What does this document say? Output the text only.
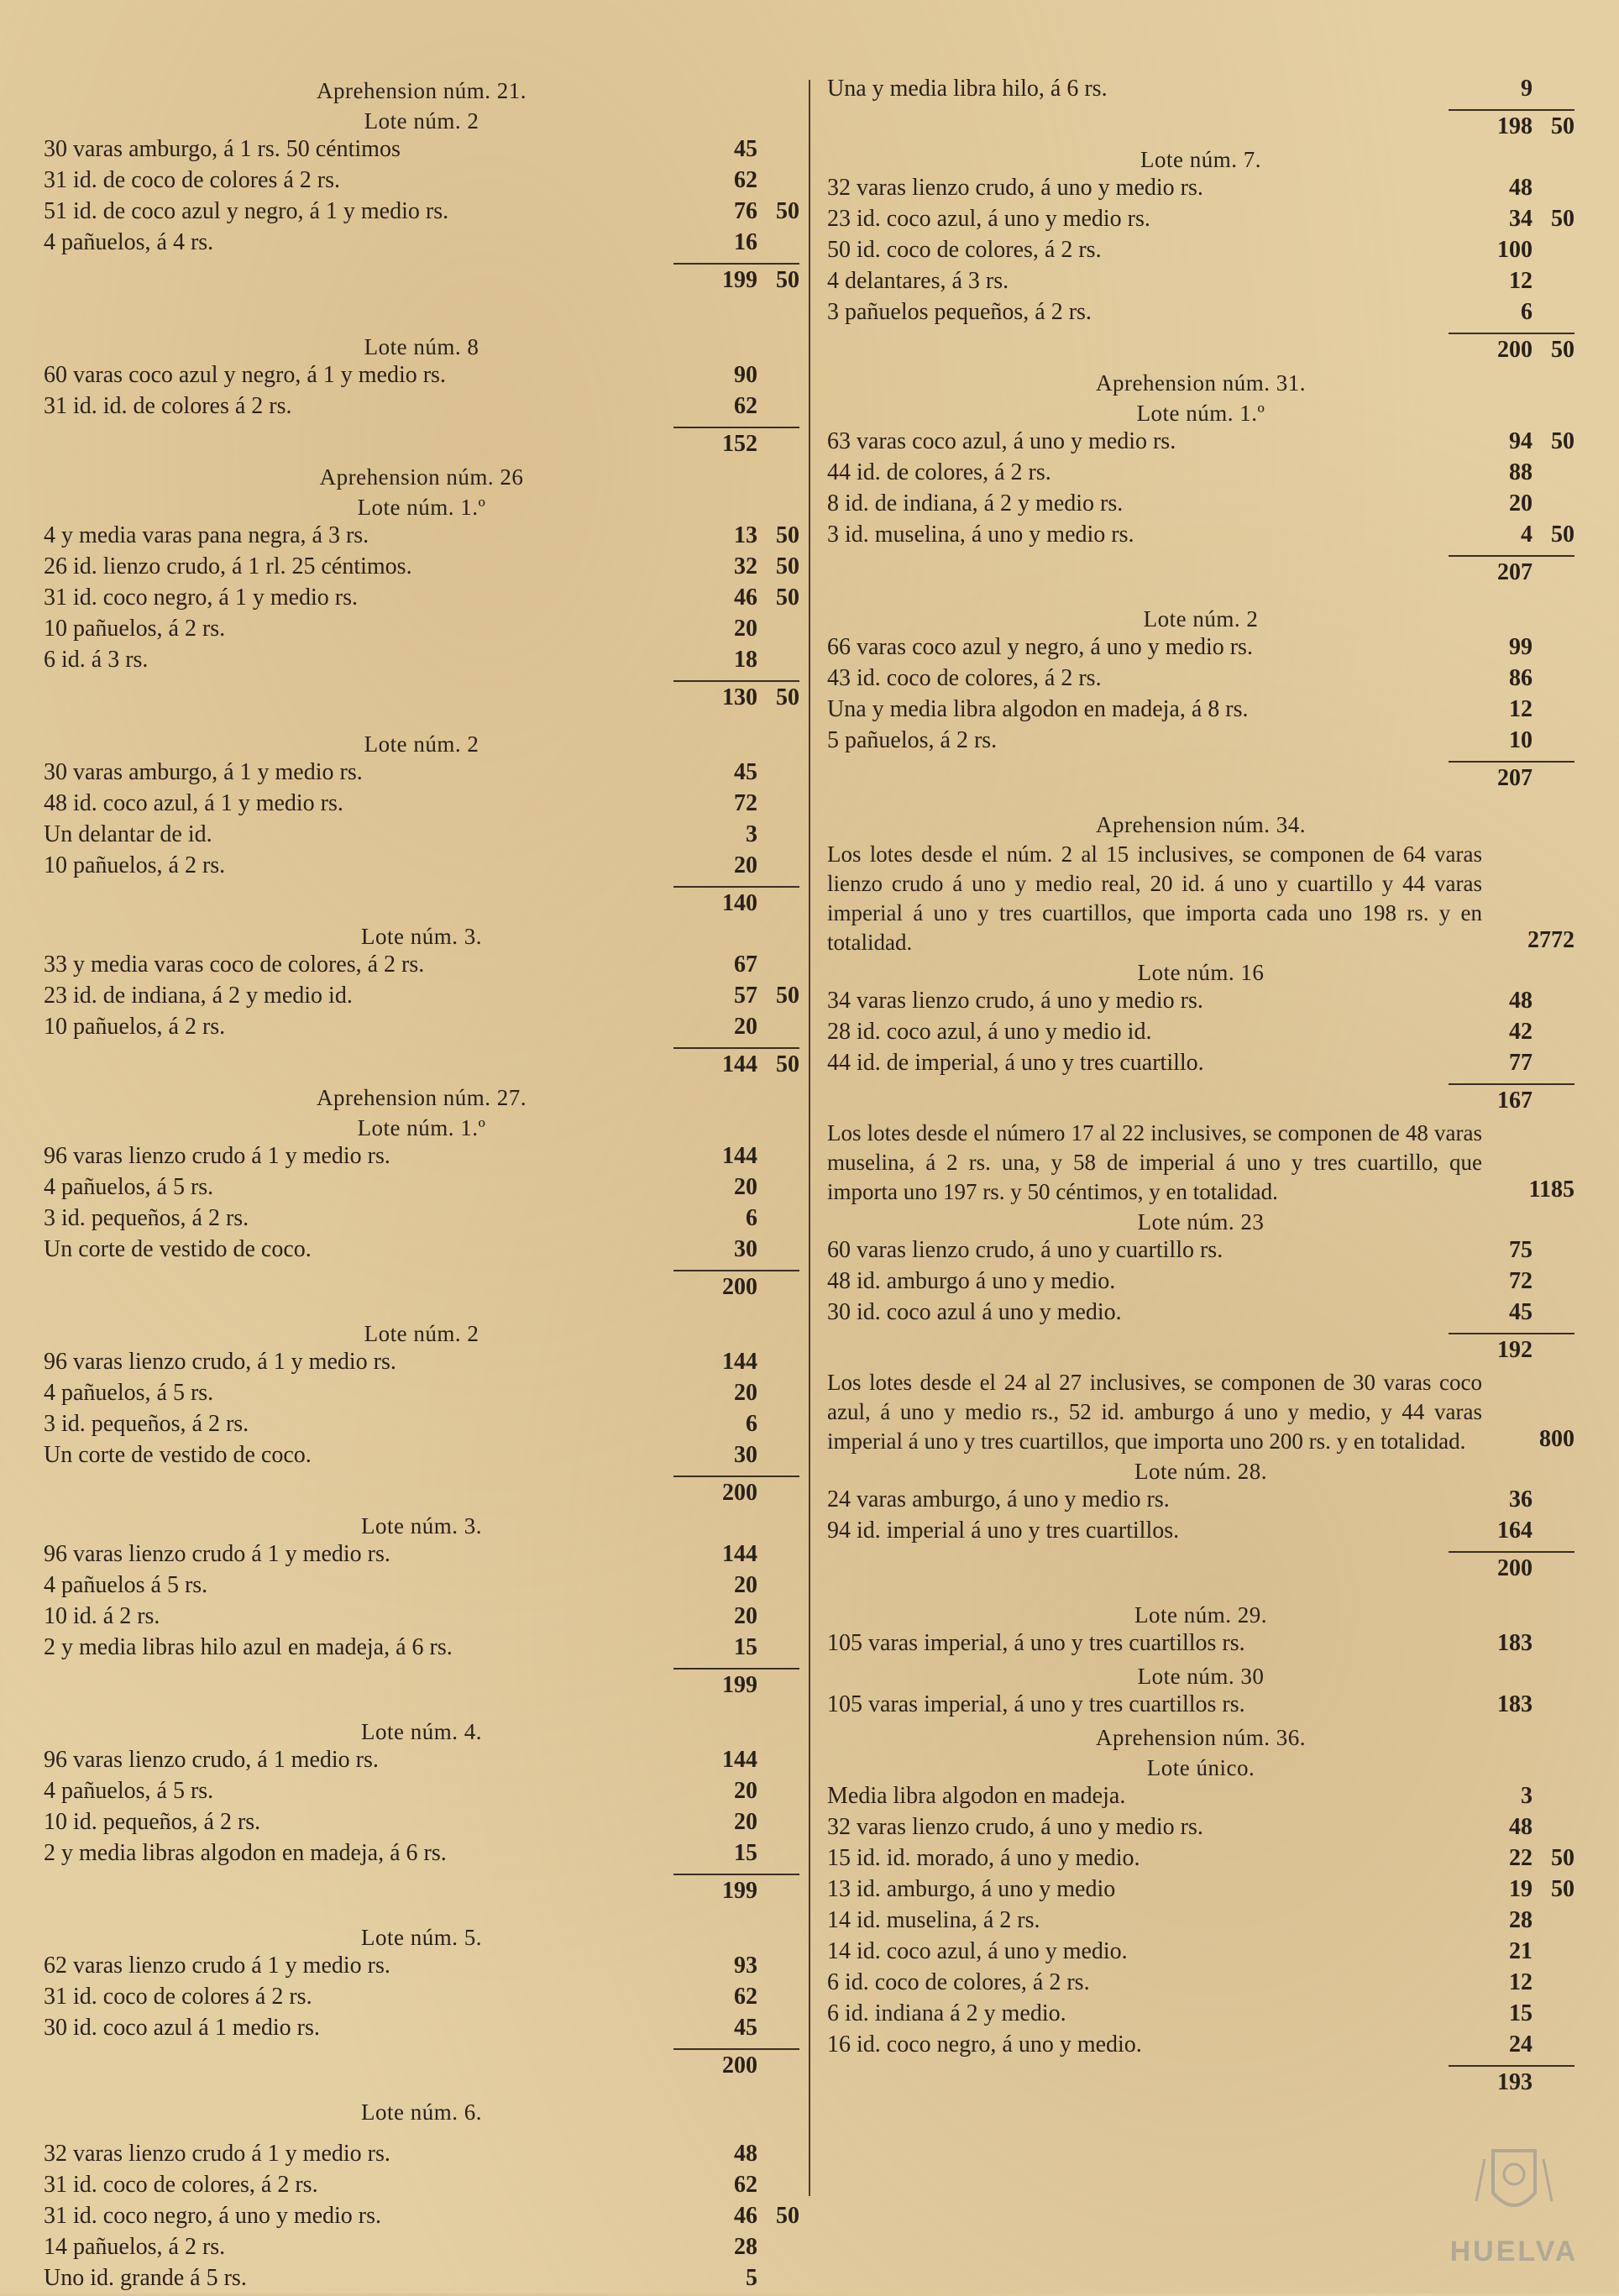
Aprehension núm. 21.
Lote núm. 2
30 varas amburgo, á 1 rs. 50 céntimos	45
31 id. de coco de colores á 2 rs.	62
51 id. de coco azul y negro, á 1 y medio rs.	76 50
4 pañuelos, á 4 rs.	16
199 50
Lote núm. 8
60 varas coco azul y negro, á 1 y medio rs.	90
31 id. id. de colores á 2 rs.	62
152
Aprehension núm. 26
Lote núm. 1.º
4 y media varas pana negra, á 3 rs.	13 50
26 id. lienzo crudo, á 1 rl. 25 céntimos.	32 50
31 id. coco negro, á 1 y medio rs.	46 50
10 pañuelos, á 2 rs.	20
6 id. á 3 rs.	18
130 50
Lote núm. 2
30 varas amburgo, á 1 y medio rs.	45
48 id. coco azul, á 1 y medio rs.	72
Un delantar de id.	3
10 pañuelos, á 2 rs.	20
140
Lote núm. 3.
33 y media varas coco de colores, á 2 rs.	67
23 id. de indiana, á 2 y medio id.	57 50
10 pañuelos, á 2 rs.	20
144 50
Aprehension núm. 27.
Lote núm. 1.º
96 varas lienzo crudo á 1 y medio rs.	144
4 pañuelos, á 5 rs.	20
3 id. pequeños, á 2 rs.	6
Un corte de vestido de coco.	30
200
Lote núm. 2
96 varas lienzo crudo, á 1 y medio rs.	144
4 pañuelos, á 5 rs.	20
3 id. pequeños, á 2 rs.	6
Un corte de vestido de coco.	30
200
Lote núm. 3.
96 varas lienzo crudo á 1 y medio rs.	144
4 pañuelos á 5 rs.	20
10 id. á 2 rs.	20
2 y media libras hilo azul en madeja, á 6 rs.	15
199
Lote núm. 4.
96 varas lienzo crudo, á 1 medio rs.	144
4 pañuelos, á 5 rs.	20
10 id. pequeños, á 2 rs.	20
2 y media libras algodon en madeja, á 6 rs.	15
199
Lote núm. 5.
62 varas lienzo crudo á 1 y medio rs.	93
31 id. coco de colores á 2 rs.	62
30 id. coco azul á 1 medio rs.	45
200
Lote núm. 6.
32 varas lienzo crudo á 1 y medio rs.	48
31 id. coco de colores, á 2 rs.	62
31 id. coco negro, á uno y medio rs.	46 50
14 pañuelos, á 2 rs.	28
Uno id. grande á 5 rs.	5
Una y media libra hilo, á 6 rs.	9
198 50
Lote núm. 7.
32 varas lienzo crudo, á uno y medio rs.	48
23 id. coco azul, á uno y medio rs.	34 50
50 id. coco de colores, á 2 rs.	100
4 delantares, á 3 rs.	12
3 pañuelos pequeños, á 2 rs.	6
200 50
Aprehension núm. 31.
Lote núm. 1.º
63 varas coco azul, á uno y medio rs.	94 50
44 id. de colores, á 2 rs.	88
8 id. de indiana, á 2 y medio rs.	20
3 id. muselina, á uno y medio rs.	4 50
207
Lote núm. 2
66 varas coco azul y negro, á uno y medio rs.	99
43 id. coco de colores, á 2 rs.	86
Una y media libra algodon en madeja, á 8 rs.	12
5 pañuelos, á 2 rs.	10
207
Aprehension núm. 34.
Los lotes desde el núm. 2 al 15 inclusives, se componen de 64 varas lienzo crudo á uno y medio real, 20 id. á uno y cuartillo y 44 varas imperial á uno y tres cuartillos, que importa cada uno 198 rs. y en totalidad.	2772
Lote núm. 16
34 varas lienzo crudo, á uno y medio rs.	48
28 id. coco azul, á uno y medio id.	42
44 id. de imperial, á uno y tres cuartillo.	77
167
Los lotes desde el número 17 al 22 inclusives, se componen de 48 varas muselina, á 2 rs. una, y 58 de imperial á uno y tres cuartillo, que importa uno 197 rs. y 50 céntimos, y en totalidad.	1185
Lote núm. 23
60 varas lienzo crudo, á uno y cuartillo rs.	75
48 id. amburgo á uno y medio.	72
30 id. coco azul á uno y medio.	45
192
Los lotes desde el 24 al 27 inclusives, se componen de 30 varas coco azul, á uno y medio rs., 52 id. amburgo á uno y medio, y 44 varas imperial á uno y tres cuartillos, que importa uno 200 rs. y en totalidad.	800
Lote núm. 28.
24 varas amburgo, á uno y medio rs.	36
94 id. imperial á uno y tres cuartillos.	164
200
Lote núm. 29.
105 varas imperial, á uno y tres cuartillos rs.	183
Lote núm. 30
105 varas imperial, á uno y tres cuartillos rs.	183
Aprehension núm. 36.
Lote único.
Media libra algodon en madeja.	3
32 varas lienzo crudo, á uno y medio rs.	48
15 id. id. morado, á uno y medio.	22 50
13 id. amburgo, á uno y medio	19 50
14 id. muselina, á 2 rs.	28
14 id. coco azul, á uno y medio.	21
6 id. coco de colores, á 2 rs.	12
6 id. indiana á 2 y medio.	15
16 id. coco negro, á uno y medio.	24
193
HUELVA
